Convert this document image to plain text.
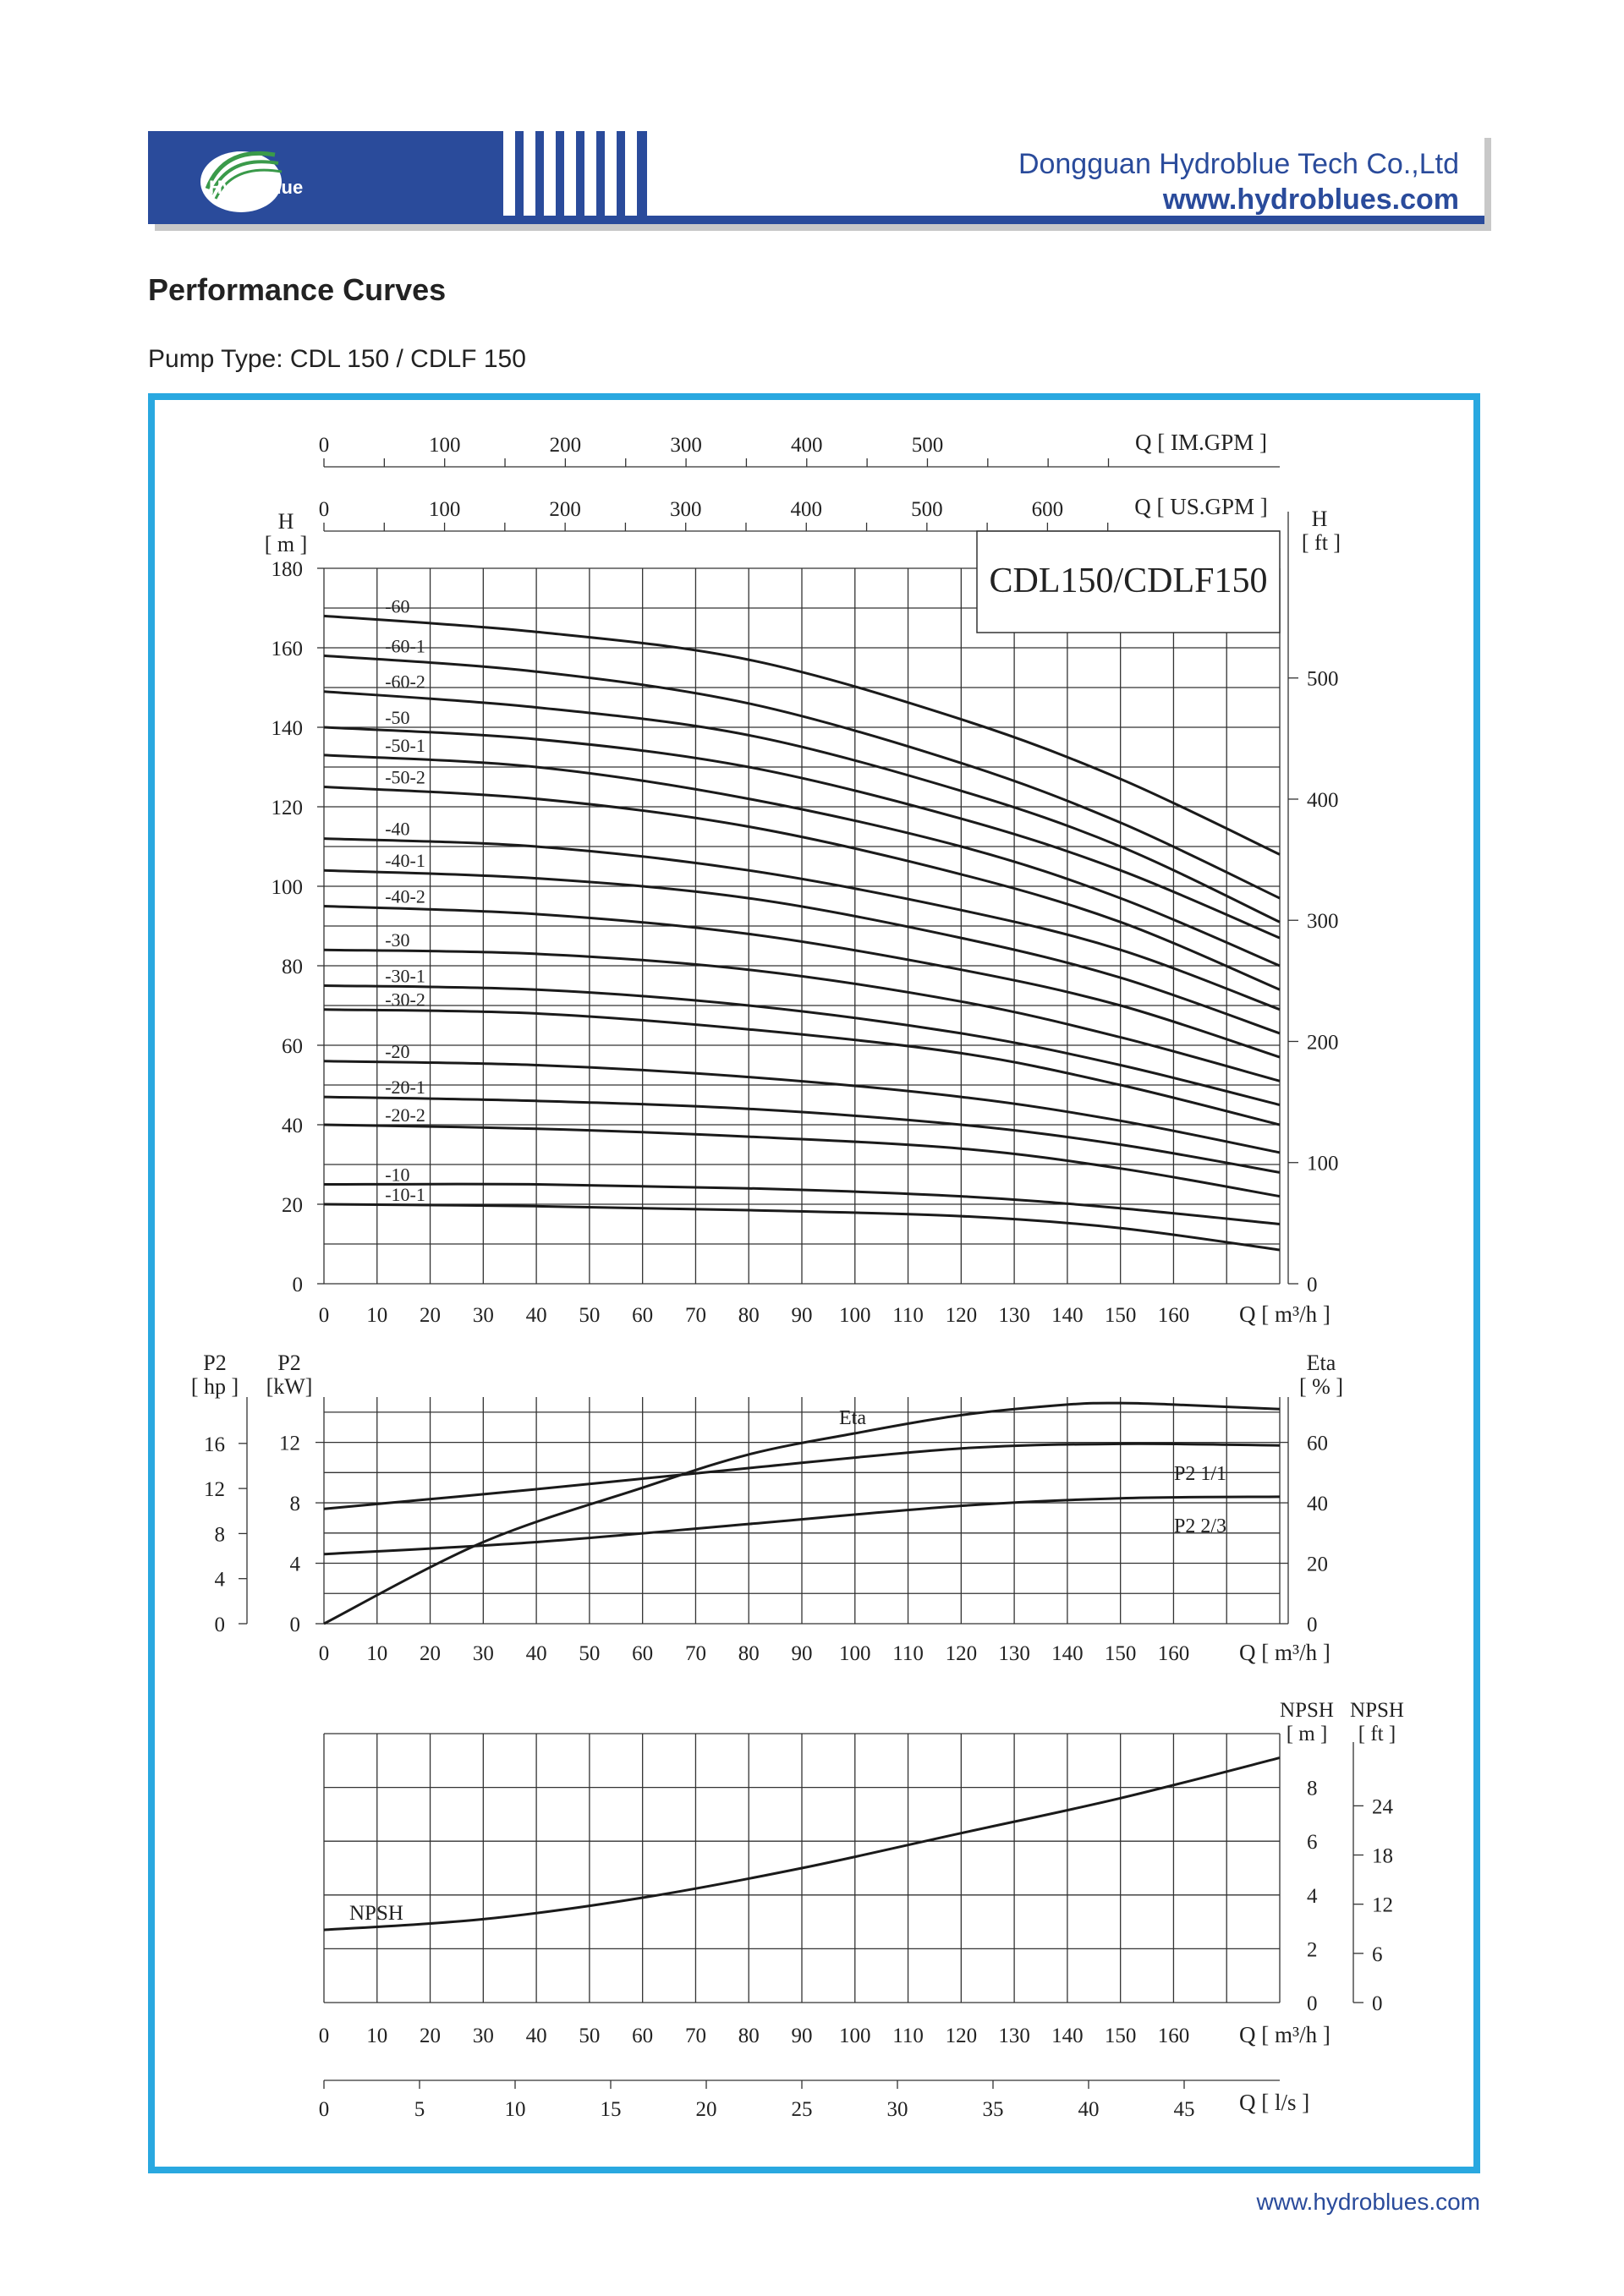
HydroBlue
Dongguan Hydroblue Tech Co.,Ltd
www.hydroblues.com
Performance Curves
Pump Type: CDL 150 / CDLF 150
CDL150/CDLF150
0
20
40
60
80
100
120
140
160
180
H
[ m ]
0
100
200
300
400
500
H
[ ft ]
0	100	200	300	400	500	Q [ IM.GPM ]
0	100	200	300	400	500	600	Q [ US.GPM ]
-60
-60-1
-60-2
-50
-50-1
-50-2
-40
-40-1
-40-2
-30
-30-1
-30-2
-20
-20-1
-20-2
-10
-10-1
0 10 20 30 40 50 60 70 80 90 100 110 120 130 140 150 160 Q [ m³/h ]
0
4
8
12
P2
[kW]
0
4
8
12
16
P2
[ hp ]
0
20
40
60
Eta
[ % ]
Eta
P2 1/1
P2 2/3
0 10 20 30 40 50 60 70 80 90 100 110 120 130 140 150 160 Q [ m³/h ]
0
2
4
6
8
NPSH
[ m ]
0
6
12
18
24
NPSH
[ ft ]
NPSH
0 10 20 30 40 50 60 70 80 90 100 110 120 130 140 150 160 Q [ m³/h ]
0	5	10	15	20	25	30	35	40	45 Q [ l/s ]
www.hydroblues.com
